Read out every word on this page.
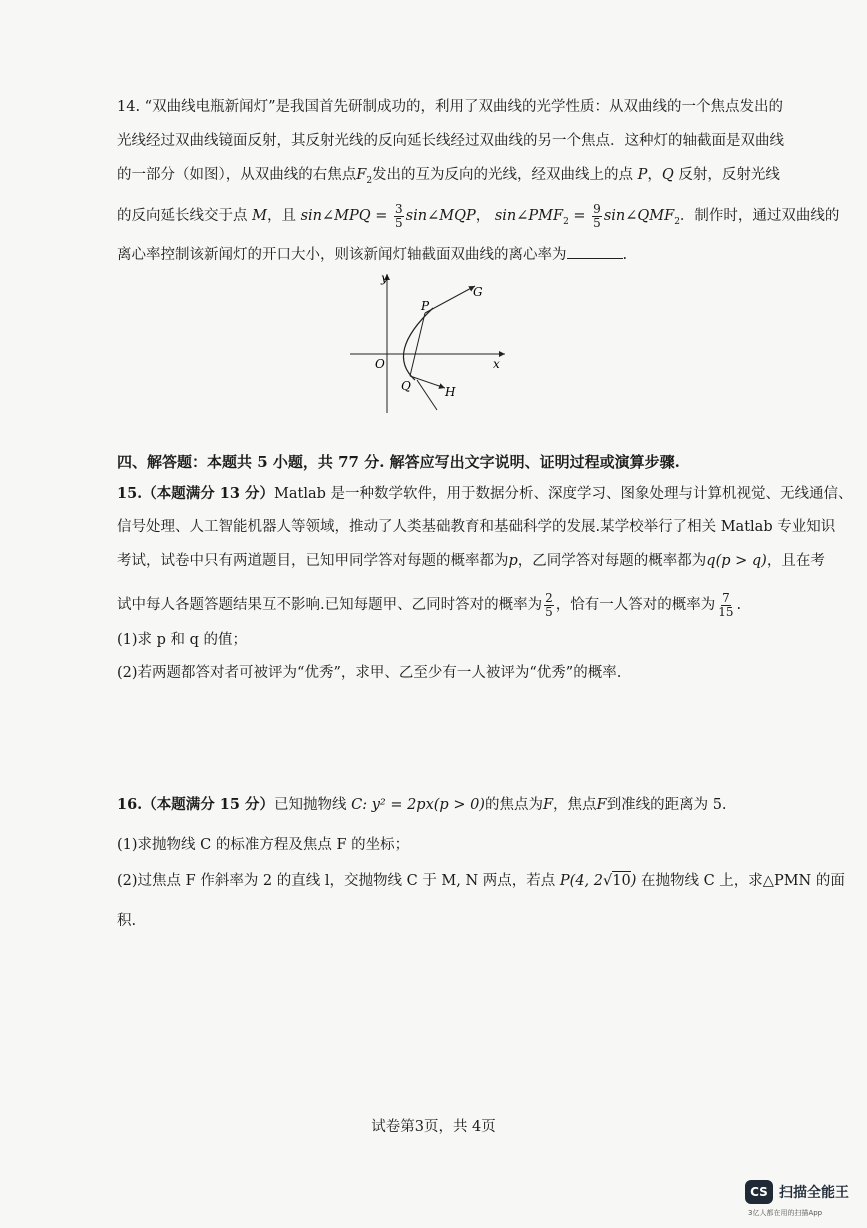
14. “双曲线电瓶新闻灯”是我国首先研制成功的，利用了双曲线的光学性质：从双曲线的一个焦点发出的
光线经过双曲线镜面反射，其反射光线的反向延长线经过双曲线的另一个焦点．这种灯的轴截面是双曲线
的一部分（如图），从双曲线的右焦点$F_2$发出的互为反向的光线，经双曲线上的点 P，Q 反射，反射光线
的反向延长线交于点 M，且 sin∠MPQ = $\frac{3}{5}$ sin∠MQP， $\sin\angle PMF_2 = \frac{9}{5}$ $\sin\angle QMF_2$．制作时，通过双曲线的
离心率控制该新闻灯的开口大小，则该新闻灯轴截面双曲线的离心率为	.
y
x
O
P
Q
G
H
四、解答题：本题共 5 小题，共 77 分. 解答应写出文字说明、证明过程或演算步骤.
15.（本题满分 13 分）Matlab 是一种数学软件，用于数据分析、深度学习、图象处理与计算机视觉、无线通信、
信号处理、人工智能机器人等领域，推动了人类基础教育和基础科学的发展.某学校举行了相关 Matlab 专业知识
考试，试卷中只有两道题目，已知甲同学答对每题的概率都为p，乙同学答对每题的概率都为q(p > q)，且在考
试中每人各题答题结果互不影响.已知每题甲、乙同时答对的概率为 $\frac{2}{5}$ ，恰有一人答对的概率为 $\frac{7}{15}$ .
(1)求 p 和 q 的值；
(2)若两题都答对者可被评为“优秀”，求甲、乙至少有一人被评为“优秀”的概率.
16.（本题满分 15 分）已知抛物线 C: y² = 2px(p > 0)的焦点为F，焦点F到准线的距离为 5.
(1)求抛物线 C 的标准方程及焦点 F 的坐标；
(2)过焦点 F 作斜率为 2 的直线 l，交抛物线 C 于 M, N 两点，若点 P(4, 2√10) 在抛物线 C 上，求△PMN 的面
积.
试卷第3页，共 4页
CS 扫描全能王
3亿人都在用的扫描App
